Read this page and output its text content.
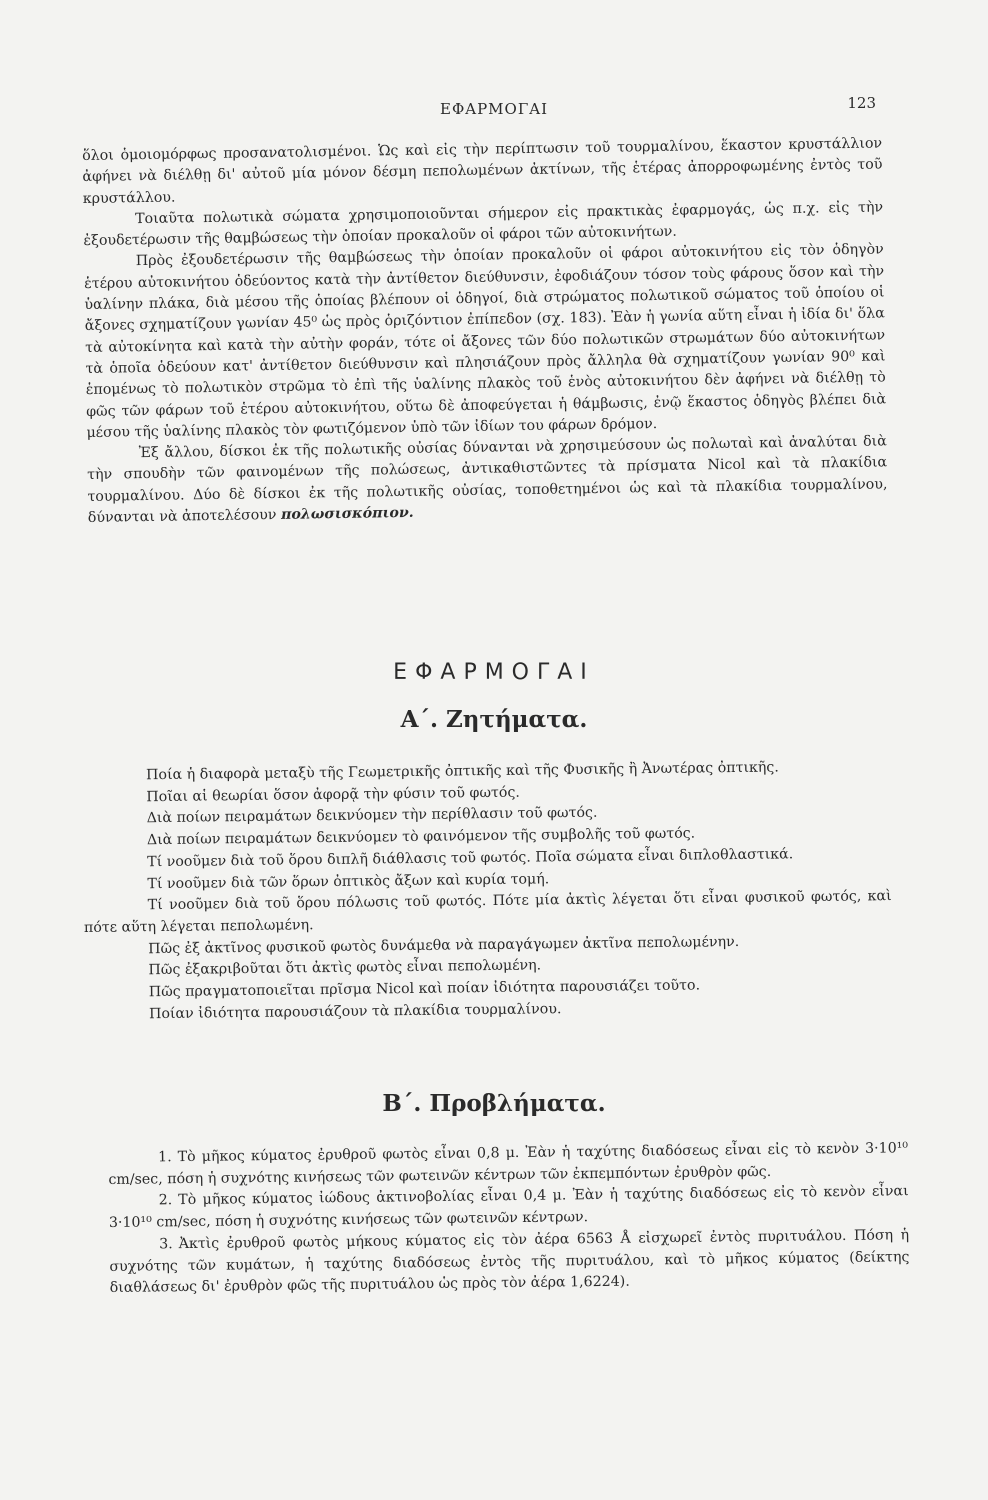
ΕΦΑΡΜΟΓΑΙ	123

ὅλοι ὁμοιομόρφως προσανατολισμένοι. Ὡς καὶ εἰς τὴν περίπτωσιν τοῦ τουρμαλίνου, ἕκαστον κρυστάλλιον ἀφήνει νὰ διέλθῃ δι' αὐτοῦ μία μόνον δέσμη πεπολωμένων ἀκτίνων, τῆς ἑτέρας ἀπορροφωμένης ἐντὸς τοῦ κρυστάλλου.

Τοιαῦτα πολωτικὰ σώματα χρησιμοποιοῦνται σήμερον εἰς πρακτικὰς ἐφαρμογάς, ὡς π.χ. εἰς τὴν ἐξουδετέρωσιν τῆς θαμβώσεως τὴν ὁποίαν προκαλοῦν οἱ φάροι τῶν αὐτοκινήτων.

Πρὸς ἐξουδετέρωσιν τῆς θαμβώσεως τὴν ὁποίαν προκαλοῦν οἱ φάροι αὐτοκινήτου εἰς τὸν ὁδηγὸν ἑτέρου αὐτοκινήτου ὁδεύοντος κατὰ τὴν ἀντίθετον διεύθυνσιν, ἐφοδιάζουν τόσον τοὺς φάρους ὅσον καὶ τὴν ὑαλίνην πλάκα, διὰ μέσου τῆς ὁποίας βλέπουν οἱ ὁδηγοί, διὰ στρώματος πολωτικοῦ σώματος τοῦ ὁποίου οἱ ἄξονες σχηματίζουν γωνίαν 45⁰ ὡς πρὸς ὁριζόντιον ἐπίπεδον (σχ. 183). Ἐὰν ἡ γωνία αὕτη εἶναι ἡ ἰδία δι' ὅλα τὰ αὐτοκίνητα καὶ κατὰ τὴν αὐτὴν φοράν, τότε οἱ ἄξονες τῶν δύο πολωτικῶν στρωμάτων δύο αὐτοκινήτων τὰ ὁποῖα ὁδεύουν κατ' ἀντίθετον διεύθυνσιν καὶ πλησιάζουν πρὸς ἄλληλα θὰ σχηματίζουν γωνίαν 90⁰ καὶ ἑπομένως τὸ πολωτικὸν στρῶμα τὸ ἐπὶ τῆς ὑαλίνης πλακὸς τοῦ ἑνὸς αὐτοκινήτου δὲν ἀφήνει νὰ διέλθῃ τὸ φῶς τῶν φάρων τοῦ ἑτέρου αὐτοκινήτου, οὕτω δὲ ἀποφεύγεται ἡ θάμβωσις, ἐνῷ ἕκαστος ὁδηγὸς βλέπει διὰ μέσου τῆς ὑαλίνης πλακὸς τὸν φωτιζόμενον ὑπὸ τῶν ἰδίων του φάρων δρόμον.

Ἐξ ἄλλου, δίσκοι ἐκ τῆς πολωτικῆς οὐσίας δύνανται νὰ χρησιμεύσουν ὡς πολωταὶ καὶ ἀναλύται διὰ τὴν σπουδὴν τῶν φαινομένων τῆς πολώσεως, ἀντικαθιστῶντες τὰ πρίσματα Nicol καὶ τὰ πλακίδια τουρμαλίνου. Δύο δὲ δίσκοι ἐκ τῆς πολωτικῆς οὐσίας, τοποθετημένοι ὡς καὶ τὰ πλακίδια τουρμαλίνου, δύνανται νὰ ἀποτελέσουν πολωσισκόπιον.

ΕΦΑΡΜΟΓΑΙ
Α΄. Ζητήματα.

Ποία ἡ διαφορὰ μεταξὺ τῆς Γεωμετρικῆς ὀπτικῆς καὶ τῆς Φυσικῆς ἢ Ἀνωτέρας ὀπτικῆς.

Ποῖαι αἱ θεωρίαι ὅσον ἀφορᾷ τὴν φύσιν τοῦ φωτός.

Διὰ ποίων πειραμάτων δεικνύομεν τὴν περίθλασιν τοῦ φωτός.

Διὰ ποίων πειραμάτων δεικνύομεν τὸ φαινόμενον τῆς συμβολῆς τοῦ φωτός.

Τί νοοῦμεν διὰ τοῦ ὅρου διπλῆ διάθλασις τοῦ φωτός. Ποῖα σώματα εἶναι διπλοθλαστικά.

Τί νοοῦμεν διὰ τῶν ὅρων ὀπτικὸς ἄξων καὶ κυρία τομή.

Τί νοοῦμεν διὰ τοῦ ὅρου πόλωσις τοῦ φωτός. Πότε μία ἀκτὶς λέγεται ὅτι εἶναι φυσικοῦ φωτός, καὶ πότε αὕτη λέγεται πεπολωμένη.

Πῶς ἐξ ἀκτῖνος φυσικοῦ φωτὸς δυνάμεθα νὰ παραγάγωμεν ἀκτῖνα πεπολωμένην.

Πῶς ἐξακριβοῦται ὅτι ἀκτὶς φωτὸς εἶναι πεπολωμένη.

Πῶς πραγματοποιεῖται πρῖσμα Nicol καὶ ποίαν ἰδιότητα παρουσιάζει τοῦτο.

Ποίαν ἰδιότητα παρουσιάζουν τὰ πλακίδια τουρμαλίνου.

Β΄. Προβλήματα.

1. Τὸ μῆκος κύματος ἐρυθροῦ φωτὸς εἶναι 0,8 μ. Ἐὰν ἡ ταχύτης διαδόσεως εἶναι εἰς τὸ κενὸν 3·10¹⁰ cm/sec, πόση ἡ συχνότης κινήσεως τῶν φωτεινῶν κέντρων τῶν ἐκπεμπόντων ἐρυθρὸν φῶς.

2. Τὸ μῆκος κύματος ἰώδους ἀκτινοβολίας εἶναι 0,4 μ. Ἐὰν ἡ ταχύτης διαδόσεως εἰς τὸ κενὸν εἶναι 3·10¹⁰ cm/sec, πόση ἡ συχνότης κινήσεως τῶν φωτεινῶν κέντρων.

3. Ἀκτὶς ἐρυθροῦ φωτὸς μήκους κύματος εἰς τὸν ἀέρα 6563 Å εἰσχωρεῖ ἐντὸς πυριτυάλου. Πόση ἡ συχνότης τῶν κυμάτων, ἡ ταχύτης διαδόσεως ἐντὸς τῆς πυριτυάλου, καὶ τὸ μῆκος κύματος (δείκτης διαθλάσεως δι' ἐρυθρὸν φῶς τῆς πυριτυάλου ὡς πρὸς τὸν ἀέρα 1,6224).
